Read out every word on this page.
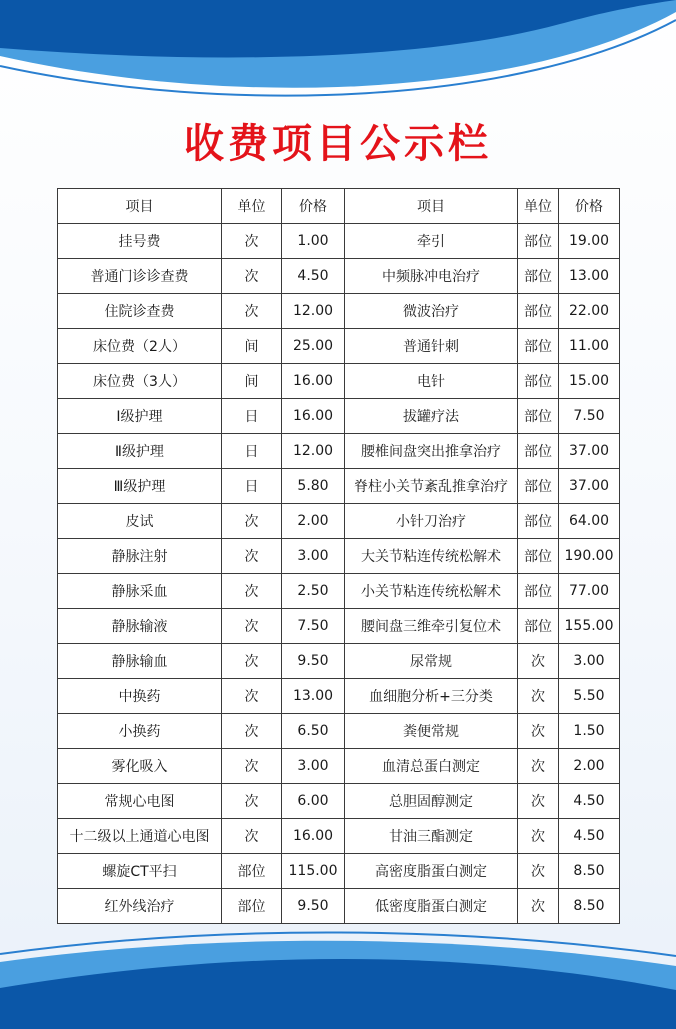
收费项目公示栏
项目	单位	价格	项目	单位	价格
挂号费	次	1.00	牵引	部位	19.00
普通门诊诊查费	次	4.50	中频脉冲电治疗	部位	13.00
住院诊查费	次	12.00	微波治疗	部位	22.00
床位费（2人）	间	25.00	普通针刺	部位	11.00
床位费（3人）	间	16.00	电针	部位	15.00
Ⅰ级护理	日	16.00	拔罐疗法	部位	7.50
Ⅱ级护理	日	12.00	腰椎间盘突出推拿治疗	部位	37.00
Ⅲ级护理	日	5.80	脊柱小关节紊乱推拿治疗	部位	37.00
皮试	次	2.00	小针刀治疗	部位	64.00
静脉注射	次	3.00	大关节粘连传统松解术	部位	190.00
静脉采血	次	2.50	小关节粘连传统松解术	部位	77.00
静脉输液	次	7.50	腰间盘三维牵引复位术	部位	155.00
静脉输血	次	9.50	尿常规	次	3.00
中换药	次	13.00	血细胞分析+三分类	次	5.50
小换药	次	6.50	粪便常规	次	1.50
雾化吸入	次	3.00	血清总蛋白测定	次	2.00
常规心电图	次	6.00	总胆固醇测定	次	4.50
十二级以上通道心电图	次	16.00	甘油三酯测定	次	4.50
螺旋CT平扫	部位	115.00	高密度脂蛋白测定	次	8.50
红外线治疗	部位	9.50	低密度脂蛋白测定	次	8.50
